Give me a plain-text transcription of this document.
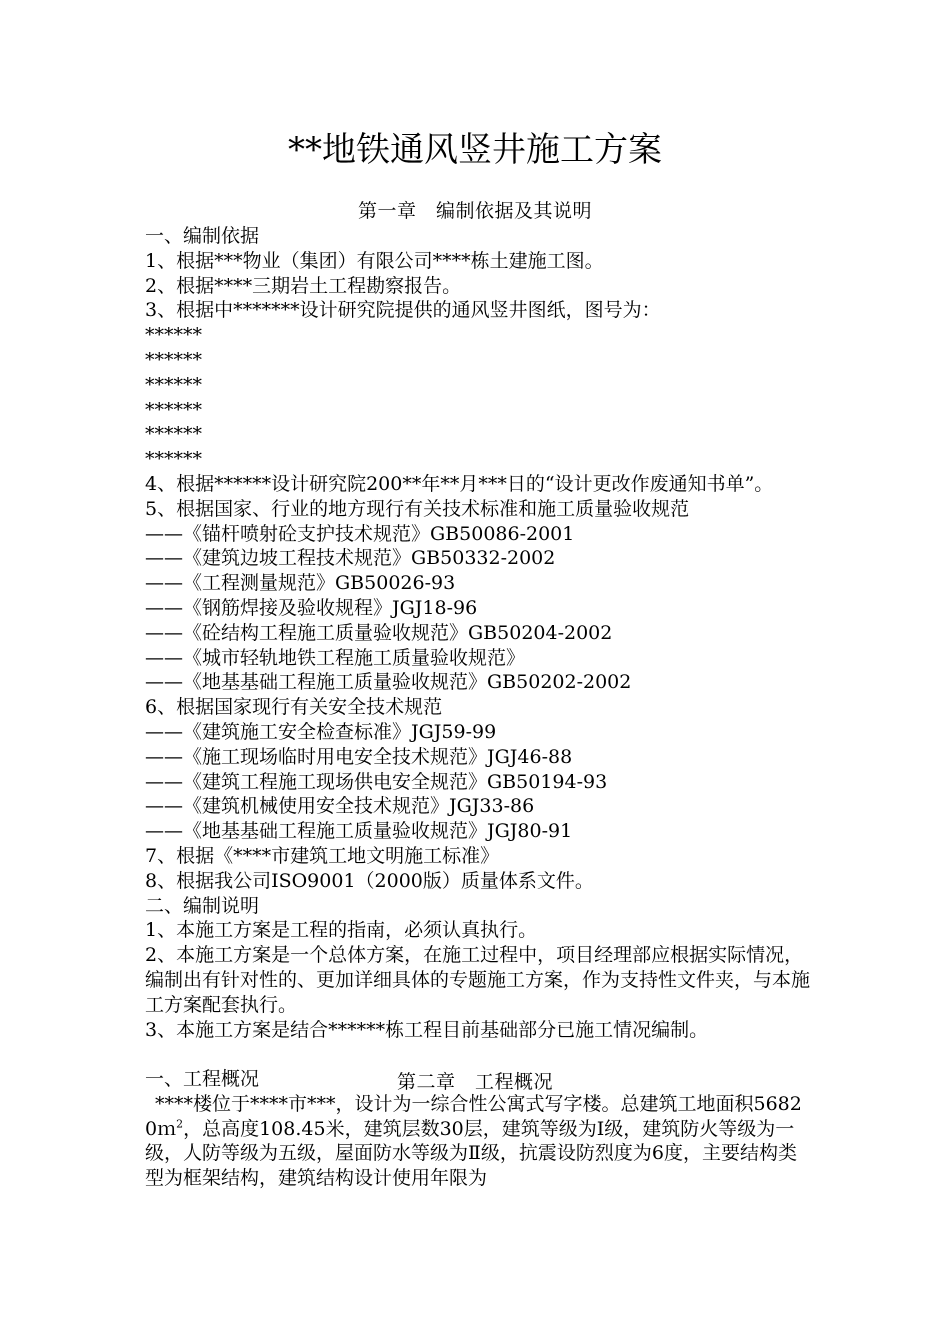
**地铁通风竖井施工方案
第一章　编制依据及其说明

一、编制依据

1、根据***物业（集团）有限公司****栋土建施工图。

2、根据****三期岩土工程勘察报告。

3、根据中*******设计研究院提供的通风竖井图纸，图号为：

******

******

******

******

******

******

4、根据******设计研究院200**年**月***日的“设计更改作废通知书单”。

5、根据国家、行业的地方现行有关技术标准和施工质量验收规范

——《锚杆喷射砼支护技术规范》GB50086-2001

——《建筑边坡工程技术规范》GB50332-2002

——《工程测量规范》GB50026-93

——《钢筋焊接及验收规程》JGJ18-96

——《砼结构工程施工质量验收规范》GB50204-2002

——《城市轻轨地铁工程施工质量验收规范》

——《地基基础工程施工质量验收规范》GB50202-2002

6、根据国家现行有关安全技术规范

——《建筑施工安全检查标准》JGJ59-99

——《施工现场临时用电安全技术规范》JGJ46-88

——《建筑工程施工现场供电安全规范》GB50194-93

——《建筑机械使用安全技术规范》JGJ33-86

——《地基基础工程施工质量验收规范》JGJ80-91

7、根据《****市建筑工地文明施工标准》

8、根据我公司ISO9001（2000版）质量体系文件。

二、编制说明

1、本施工方案是工程的指南，必须认真执行。

2、本施工方案是一个总体方案，在施工过程中，项目经理部应根据实际情况，编制出有针对性的、更加详细具体的专题施工方案，作为支持性文件夹，与本施工方案配套执行。

3、本施工方案是结合******栋工程目前基础部分已施工情况编制。

一、工程概况

****楼位于****市***，设计为一综合性公寓式写字楼。总建筑工地面积56820ｍ$^2$，总高度108.45米，建筑层数30层，建筑等级为Ⅰ级，建筑防火等级为一级，人防等级为五级，屋面防水等级为Ⅱ级，抗震设防烈度为6度，主要结构类型为框架结构，建筑结构设计使用年限为

第二章　工程概况
